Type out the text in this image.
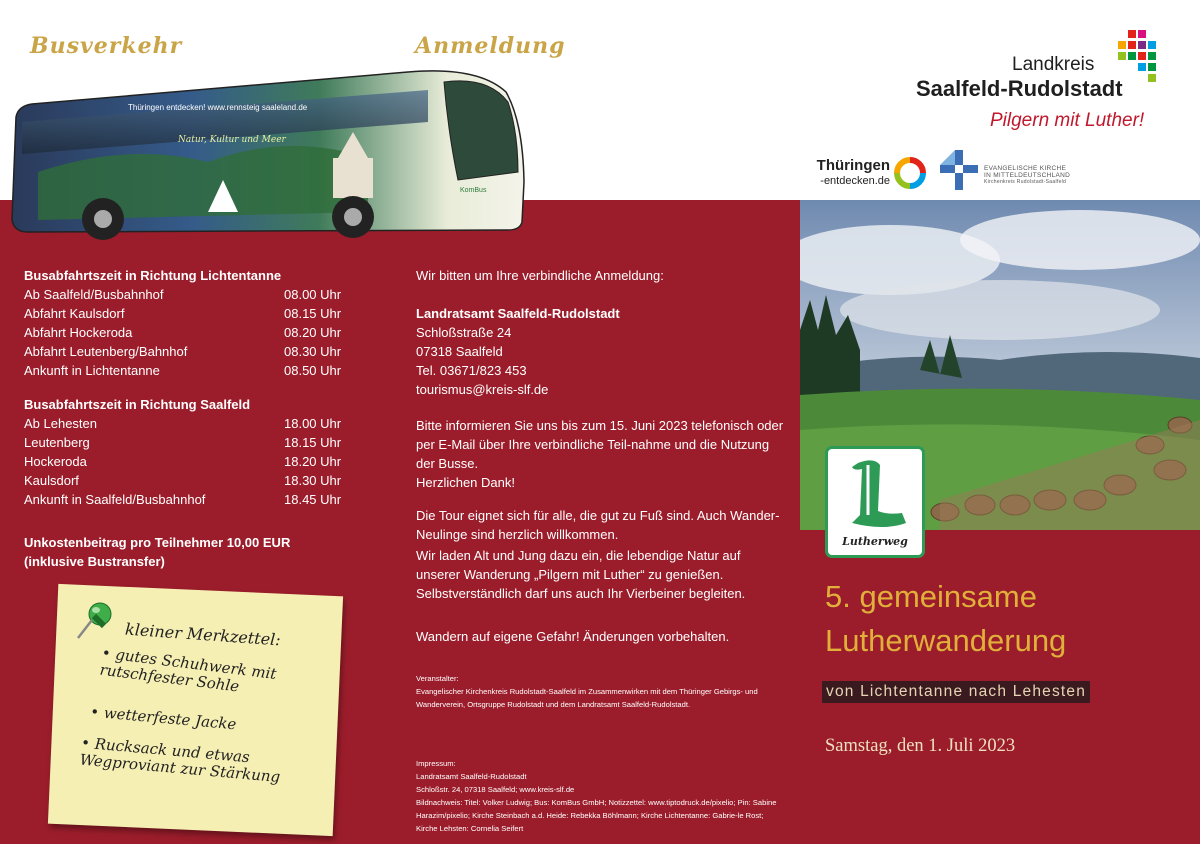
Busverkehr	Anmeldung
Thüringen entdecken! www.rennsteig saaleland.de
Natur, Kultur und Meer
KomBus
Landkreis
Saalfeld-Rudolstadt
Pilgern mit Luther!
Thüringen
-entdecken.de
EVANGELISCHE KIRCHE
IN MITTELDEUTSCHLAND
Kirchenkreis Rudolstadt-Saalfeld
Lutherweg
5. gemeinsame
Lutherwanderung
von Lichtentanne nach Lehesten
Samstag, den 1. Juli 2023
Busabfahrtszeit in Richtung Lichtentanne
Ab Saalfeld/Busbahnhof	08.00 Uhr
Abfahrt Kaulsdorf	08.15 Uhr
Abfahrt Hockeroda	08.20 Uhr
Abfahrt Leutenberg/Bahnhof	08.30 Uhr
Ankunft in Lichtentanne	08.50 Uhr
Busabfahrtszeit in Richtung Saalfeld
Ab Lehesten	18.00 Uhr
Leutenberg	18.15 Uhr
Hockeroda	18.20 Uhr
Kaulsdorf	18.30 Uhr
Ankunft in Saalfeld/Busbahnhof	18.45 Uhr
Unkostenbeitrag pro Teilnehmer 10,00 EUR
(inklusive Bustransfer)
kleiner Merkzettel:
• gutes Schuhwerk mit rutschfester Sohle
• wetterfeste Jacke
• Rucksack und etwas Wegproviant zur Stärkung
Wir bitten um Ihre verbindliche Anmeldung:
Landratsamt Saalfeld-Rudolstadt
Schloßstraße 24
07318 Saalfeld
Tel. 03671/823 453
tourismus@kreis-slf.de
Bitte informieren Sie uns bis zum 15. Juni 2023 telefonisch oder per E-Mail über Ihre verbindliche Teil-nahme und die Nutzung der Busse.
Herzlichen Dank!
Die Tour eignet sich für alle, die gut zu Fuß sind. Auch Wander-Neulinge sind herzlich willkommen.
Wir laden Alt und Jung dazu ein, die lebendige Natur auf unserer Wanderung „Pilgern mit Luther“ zu genießen. Selbstverständlich darf uns auch Ihr Vierbeiner begleiten.
Wandern auf eigene Gefahr! Änderungen vorbehalten.
Veranstalter:
Evangelischer Kirchenkreis Rudolstadt-Saalfeld im Zusammenwirken mit dem Thüringer Gebirgs- und Wanderverein, Ortsgruppe Rudolstadt und dem Landratsamt Saalfeld-Rudolstadt.
Impressum:
Landratsamt Saalfeld-Rudolstadt
Schloßstr. 24, 07318 Saalfeld; www.kreis-slf.de
Bildnachweis: Titel: Volker Ludwig; Bus: KomBus GmbH; Notizzettel: www.tiptodruck.de/pixelio; Pin: Sabine Harazim/pixelio; Kirche Steinbach a.d. Heide: Rebekka Böhlmann; Kirche Lichtentanne: Gabrie-le Rost; Kirche Lehsten: Cornelia Seifert
